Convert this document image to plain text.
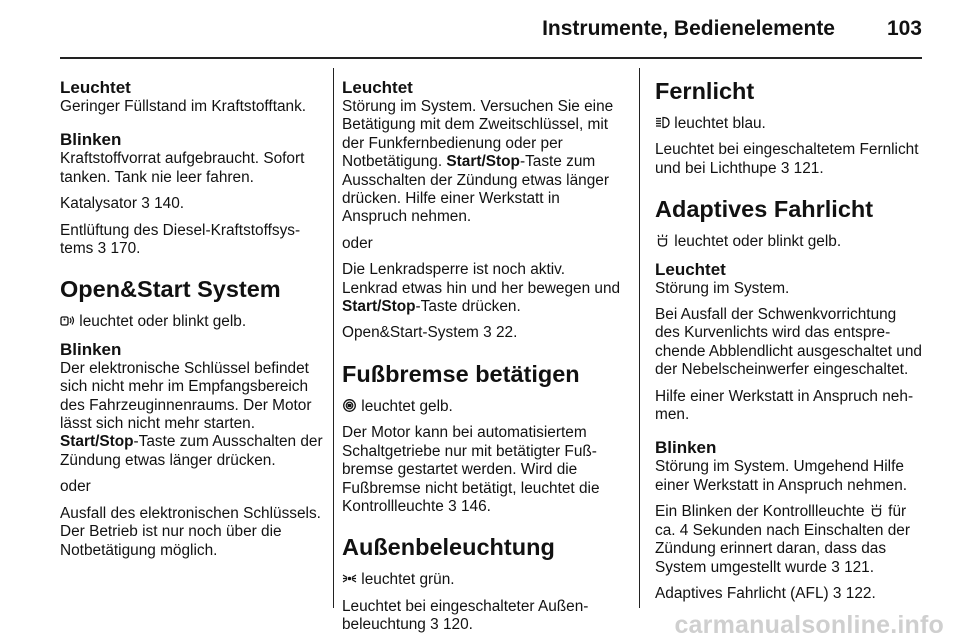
Instrumente, Bedienelemente 103
Leuchtet

Geringer Füllstand im Kraftstofftank.

Blinken

Kraftstoffvorrat aufgebraucht. Sofort tanken. Tank nie leer fahren.

Katalysator 3 140.

Entlüftung des Diesel-Kraftstoffsystems 3 170.

Open&Start System

leuchtet oder blinkt gelb.

Blinken

Der elektronische Schlüssel befindet sich nicht mehr im Empfangsbereich des Fahrzeuginnenraums. Der Motor lässt sich nicht mehr starten. Start/Stop-Taste zum Ausschalten der Zündung etwas länger drücken.

oder

Ausfall des elektronischen Schlüssels. Der Betrieb ist nur noch über die Notbetätigung möglich.

Leuchtet

Störung im System. Versuchen Sie eine Betätigung mit dem Zweitschlüssel, mit der Funkfernbedienung oder per Notbetätigung. Start/Stop-Taste zum Ausschalten der Zündung etwas länger drücken. Hilfe einer Werkstatt in Anspruch nehmen.

oder

Die Lenkradsperre ist noch aktiv. Lenkrad etwas hin und her bewegen und Start/Stop-Taste drücken.

Open&Start-System 3 22.

Fußbremse betätigen

leuchtet gelb.

Der Motor kann bei automatisiertem Schaltgetriebe nur mit betätigter Fußbremse gestartet werden. Wird die Fußbremse nicht betätigt, leuchtet die Kontrollleuchte 3 146.

Außenbeleuchtung

leuchtet grün.

Leuchtet bei eingeschalteter Außenbeleuchtung 3 120.

Fernlicht

leuchtet blau.

Leuchtet bei eingeschaltetem Fernlicht und bei Lichthupe 3 121.

Adaptives Fahrlicht

leuchtet oder blinkt gelb.

Leuchtet

Störung im System.

Bei Ausfall der Schwenkvorrichtung des Kurvenlichts wird das entsprechende Abblendlicht ausgeschaltet und der Nebelscheinwerfer eingeschaltet.

Hilfe einer Werkstatt in Anspruch nehmen.

Blinken

Störung im System. Umgehend Hilfe einer Werkstatt in Anspruch nehmen.

Ein Blinken der Kontrollleuchte für ca. 4 Sekunden nach Einschalten der Zündung erinnert daran, dass das System umgestellt wurde 3 121.

Adaptives Fahrlicht (AFL) 3 122.

carmanualsonline.info
